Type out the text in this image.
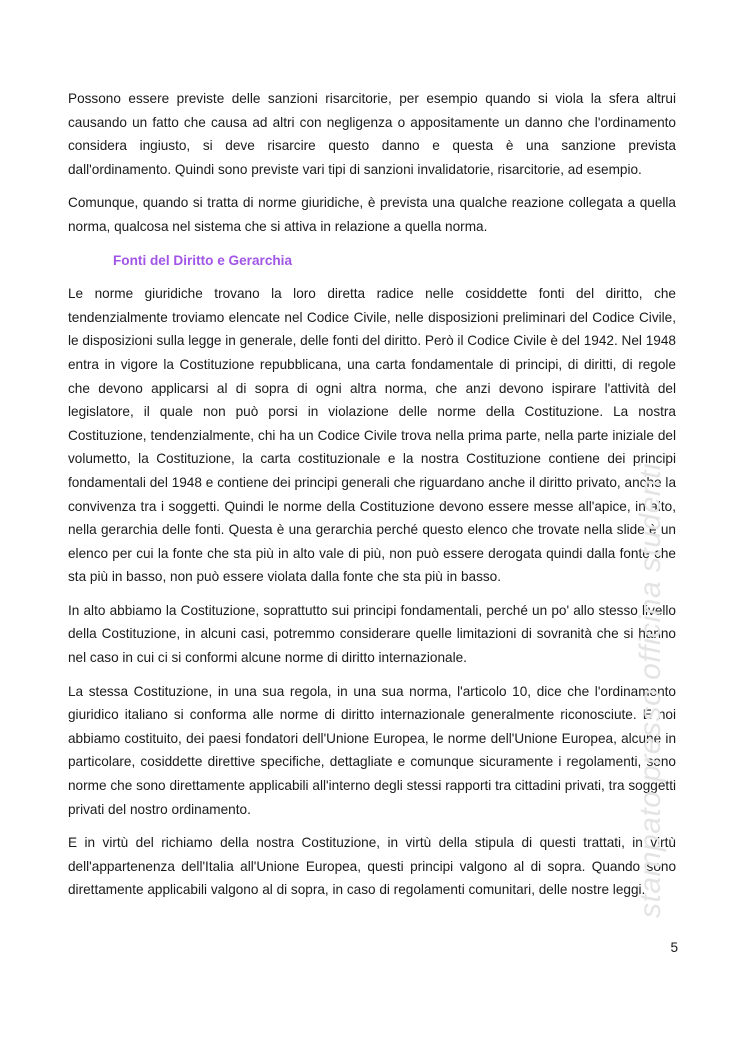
Possono essere previste delle sanzioni risarcitorie, per esempio quando si viola la sfera altrui causando un fatto che causa ad altri con negligenza o appositamente un danno che l'ordinamento considera ingiusto, si deve risarcire questo danno e questa è una sanzione prevista dall'ordinamento. Quindi sono previste vari tipi di sanzioni invalidatorie, risarcitorie, ad esempio.

Comunque, quando si tratta di norme giuridiche, è prevista una qualche reazione collegata a quella norma, qualcosa nel sistema che si attiva in relazione a quella norma.

Fonti del Diritto e Gerarchia

Le norme giuridiche trovano la loro diretta radice nelle cosiddette fonti del diritto, che tendenzialmente troviamo elencate nel Codice Civile, nelle disposizioni preliminari del Codice Civile, le disposizioni sulla legge in generale, delle fonti del diritto. Però il Codice Civile è del 1942. Nel 1948 entra in vigore la Costituzione repubblicana, una carta fondamentale di principi, di diritti, di regole che devono applicarsi al di sopra di ogni altra norma, che anzi devono ispirare l'attività del legislatore, il quale non può porsi in violazione delle norme della Costituzione. La nostra Costituzione, tendenzialmente, chi ha un Codice Civile trova nella prima parte, nella parte iniziale del volumetto, la Costituzione, la carta costituzionale e la nostra Costituzione contiene dei principi fondamentali del 1948 e contiene dei principi generali che riguardano anche il diritto privato, anche la convivenza tra i soggetti. Quindi le norme della Costituzione devono essere messe all'apice, in alto, nella gerarchia delle fonti. Questa è una gerarchia perché questo elenco che trovate nella slide è un elenco per cui la fonte che sta più in alto vale di più, non può essere derogata quindi dalla fonte che sta più in basso, non può essere violata dalla fonte che sta più in basso.

In alto abbiamo la Costituzione, soprattutto sui principi fondamentali, perché un po' allo stesso livello della Costituzione, in alcuni casi, potremmo considerare quelle limitazioni di sovranità che si hanno nel caso in cui ci si conformi alcune norme di diritto internazionale.

La stessa Costituzione, in una sua regola, in una sua norma, l'articolo 10, dice che l'ordinamento giuridico italiano si conforma alle norme di diritto internazionale generalmente riconosciute. E noi abbiamo costituito, dei paesi fondatori dell'Unione Europea, le norme dell'Unione Europea, alcune in particolare, cosiddette direttive specifiche, dettagliate e comunque sicuramente i regolamenti, sono norme che sono direttamente applicabili all'interno degli stessi rapporti tra cittadini privati, tra soggetti privati del nostro ordinamento.

E in virtù del richiamo della nostra Costituzione, in virtù della stipula di questi trattati, in virtù dell'appartenenza dell'Italia all'Unione Europea, questi principi valgono al di sopra. Quando sono direttamente applicabili valgono al di sopra, in caso di regolamenti comunitari, delle nostre leggi.

stampato presso officina studenti
5
